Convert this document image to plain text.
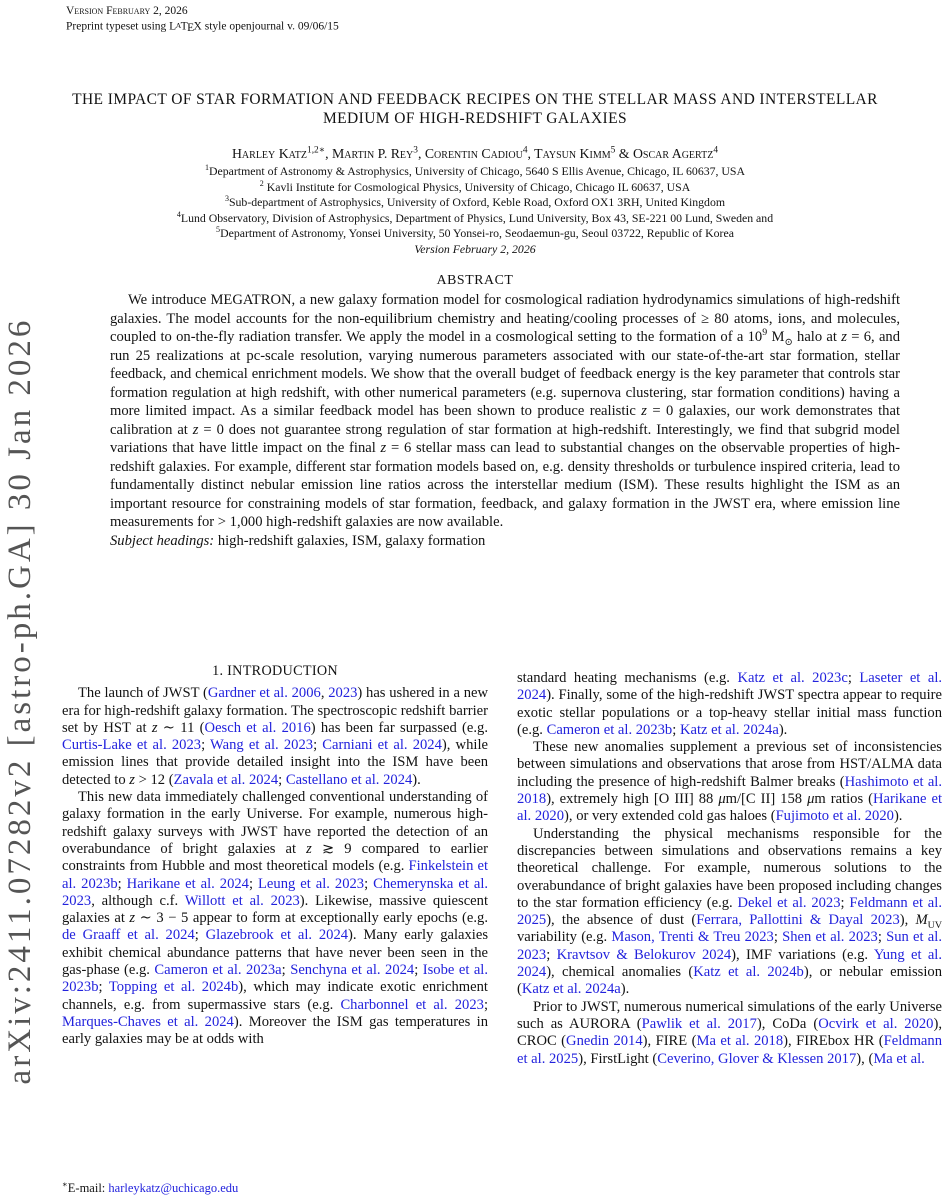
Version February 2, 2026
Preprint typeset using LATEX style openjournal v. 09/06/15
arXiv:2411.07282v2 [astro-ph.GA] 30 Jan 2026
THE IMPACT OF STAR FORMATION AND FEEDBACK RECIPES ON THE STELLAR MASS AND INTERSTELLAR MEDIUM OF HIGH-REDSHIFT GALAXIES
Harley Katz$^{1,2∗}$, Martin P. Rey$^3$, Corentin Cadiou$^4$, Taysun Kimm$^5$ & Oscar Agertz$^4$
$^1$Department of Astronomy & Astrophysics, University of Chicago, 5640 S Ellis Avenue, Chicago, IL 60637, USA
$^2$ Kavli Institute for Cosmological Physics, University of Chicago, Chicago IL 60637, USA
$^3$Sub-department of Astrophysics, University of Oxford, Keble Road, Oxford OX1 3RH, United Kingdom
$^4$Lund Observatory, Division of Astrophysics, Department of Physics, Lund University, Box 43, SE-221 00 Lund, Sweden and
$^5$Department of Astronomy, Yonsei University, 50 Yonsei-ro, Seodaemun-gu, Seoul 03722, Republic of Korea
Version February 2, 2026
ABSTRACT

We introduce MEGATRON, a new galaxy formation model for cosmological radiation hydrodynamics simulations of high-redshift galaxies. The model accounts for the non-equilibrium chemistry and heating/cooling processes of ≥ 80 atoms, ions, and molecules, coupled to on-the-fly radiation transfer. We apply the model in a cosmological setting to the formation of a $10^9$ $M_⊙$ halo at z = 6, and run 25 realizations at pc-scale resolution, varying numerous parameters associated with our state-of-the-art star formation, stellar feedback, and chemical enrichment models. We show that the overall budget of feedback energy is the key parameter that controls star formation regulation at high redshift, with other numerical parameters (e.g. supernova clustering, star formation conditions) having a more limited impact. As a similar feedback model has been shown to produce realistic z = 0 galaxies, our work demonstrates that calibration at z = 0 does not guarantee strong regulation of star formation at high-redshift. Interestingly, we find that subgrid model variations that have little impact on the final z = 6 stellar mass can lead to substantial changes on the observable properties of high-redshift galaxies. For example, different star formation models based on, e.g. density thresholds or turbulence inspired criteria, lead to fundamentally distinct nebular emission line ratios across the interstellar medium (ISM). These results highlight the ISM as an important resource for constraining models of star formation, feedback, and galaxy formation in the JWST era, where emission line measurements for > 1,000 high-redshift galaxies are now available.

Subject headings: high-redshift galaxies, ISM, galaxy formation

1. INTRODUCTION

The launch of JWST (Gardner et al. 2006, 2023) has ushered in a new era for high-redshift galaxy formation. The spectroscopic redshift barrier set by HST at z ∼ 11 (Oesch et al. 2016) has been far surpassed (e.g. Curtis-Lake et al. 2023; Wang et al. 2023; Carniani et al. 2024), while emission lines that provide detailed insight into the ISM have been detected to z > 12 (Zavala et al. 2024; Castellano et al. 2024).

This new data immediately challenged conventional understanding of galaxy formation in the early Universe. For example, numerous high-redshift galaxy surveys with JWST have reported the detection of an overabundance of bright galaxies at z ≳ 9 compared to earlier constraints from Hubble and most theoretical models (e.g. Finkelstein et al. 2023b; Harikane et al. 2024; Leung et al. 2023; Chemerynska et al. 2023, although c.f. Willott et al. 2023). Likewise, massive quiescent galaxies at z ∼ 3 − 5 appear to form at exceptionally early epochs (e.g. de Graaff et al. 2024; Glazebrook et al. 2024). Many early galaxies exhibit chemical abundance patterns that have never been seen in the gas-phase (e.g. Cameron et al. 2023a; Senchyna et al. 2024; Isobe et al. 2023b; Topping et al. 2024b), which may indicate exotic enrichment channels, e.g. from supermassive stars (e.g. Charbonnel et al. 2023; Marques-Chaves et al. 2024). Moreover the ISM gas temperatures in early galaxies may be at odds with

standard heating mechanisms (e.g. Katz et al. 2023c; Laseter et al. 2024). Finally, some of the high-redshift JWST spectra appear to require exotic stellar populations or a top-heavy stellar initial mass function (e.g. Cameron et al. 2023b; Katz et al. 2024a).

These new anomalies supplement a previous set of inconsistencies between simulations and observations that arose from HST/ALMA data including the presence of high-redshift Balmer breaks (Hashimoto et al. 2018), extremely high [O III] 88 μm/[C II] 158 μm ratios (Harikane et al. 2020), or very extended cold gas haloes (Fujimoto et al. 2020).

Understanding the physical mechanisms responsible for the discrepancies between simulations and observations remains a key theoretical challenge. For example, numerous solutions to the overabundance of bright galaxies have been proposed including changes to the star formation efficiency (e.g. Dekel et al. 2023; Feldmann et al. 2025), the absence of dust (Ferrara, Pallottini & Dayal 2023), $M_{UV}$ variability (e.g. Mason, Trenti & Treu 2023; Shen et al. 2023; Sun et al. 2023; Kravtsov & Belokurov 2024), IMF variations (e.g. Yung et al. 2024), chemical anomalies (Katz et al. 2024b), or nebular emission (Katz et al. 2024a).

Prior to JWST, numerous numerical simulations of the early Universe such as AURORA (Pawlik et al. 2017), CoDa (Ocvirk et al. 2020), CROC (Gnedin 2014), FIRE (Ma et al. 2018), FIREbox HR (Feldmann et al. 2025), FirstLight (Ceverino, Glover & Klessen 2017), (Ma et al.

∗E-mail: harleykatz@uchicago.edu
